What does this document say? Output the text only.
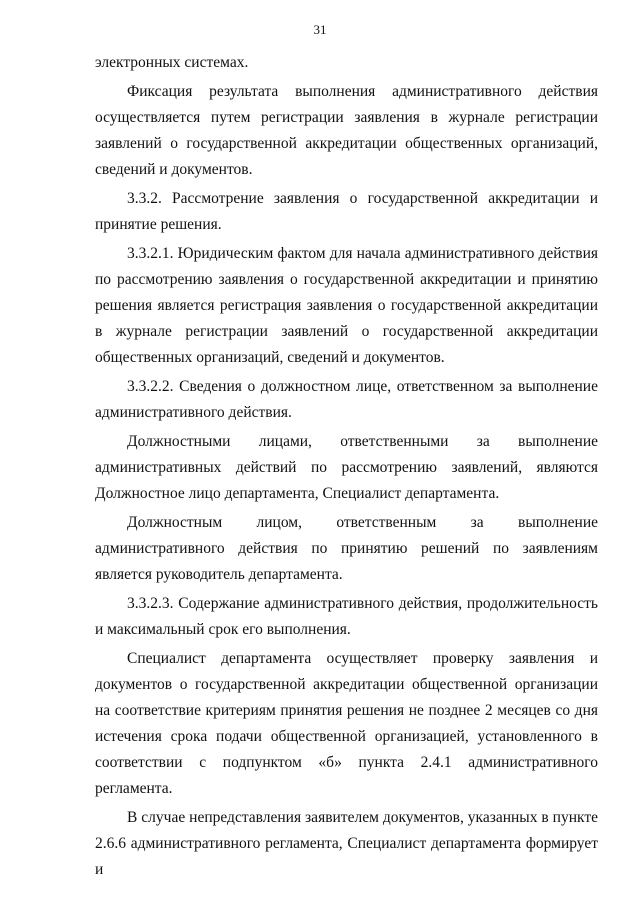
31

электронных системах.

Фиксация результата выполнения административного действия осуществляется путем регистрации заявления в журнале регистрации заявлений о государственной аккредитации общественных организаций, сведений и документов.

3.3.2. Рассмотрение заявления о государственной аккредитации и принятие решения.

3.3.2.1. Юридическим фактом для начала административного действия по рассмотрению заявления о государственной аккредитации и принятию решения является регистрация заявления о государственной аккредитации в журнале регистрации заявлений о государственной аккредитации общественных организаций, сведений и документов.

3.3.2.2. Сведения о должностном лице, ответственном за выполнение административного действия.

Должностными лицами, ответственными за выполнение административных действий по рассмотрению заявлений, являются Должностное лицо департамента, Специалист департамента.

Должностным лицом, ответственным за выполнение административного действия по принятию решений по заявлениям является руководитель департамента.

3.3.2.3. Содержание административного действия, продолжительность и максимальный срок его выполнения.

Специалист департамента осуществляет проверку заявления и документов о государственной аккредитации общественной организации на соответствие критериям принятия решения не позднее 2 месяцев со дня истечения срока подачи общественной организацией, установленного в соответствии с подпунктом «б» пункта 2.4.1 административного регламента.

В случае непредставления заявителем документов, указанных в пункте 2.6.6 административного регламента, Специалист департамента формирует и
